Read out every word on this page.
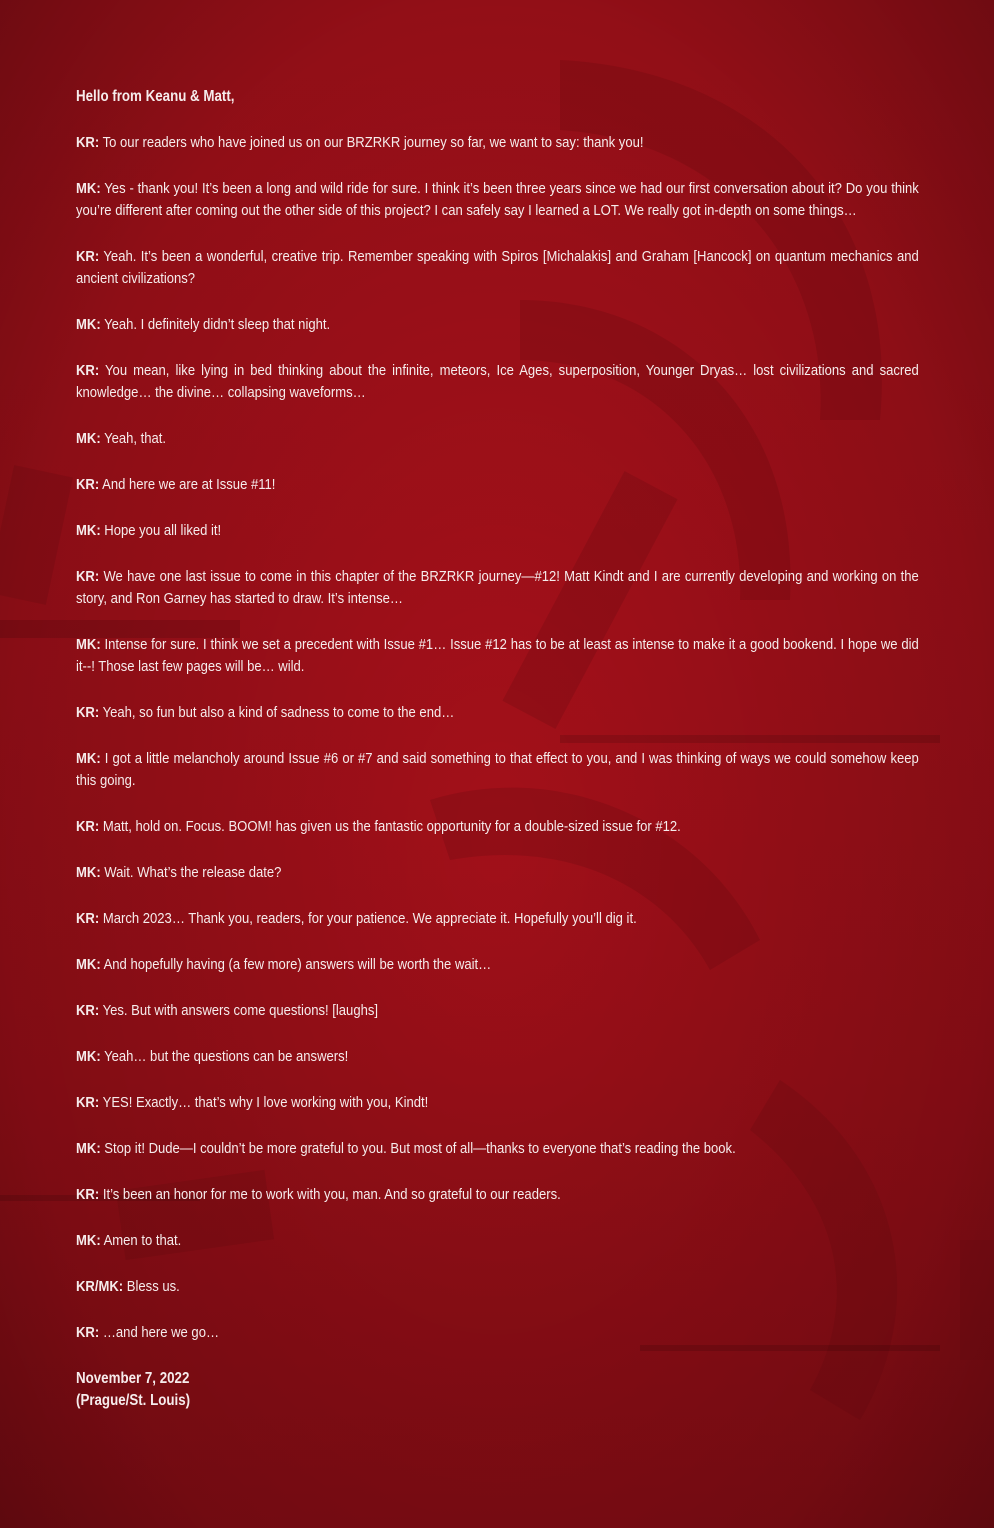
Hello from Keanu & Matt,
KR: To our readers who have joined us on our BRZRKR journey so far, we want to say: thank you!
MK: Yes - thank you! It’s been a long and wild ride for sure. I think it’s been three years since we had our first conversation about it? Do you think you’re different after coming out the other side of this project? I can safely say I learned a LOT. We really got in-depth on some things…
KR: Yeah. It’s been a wonderful, creative trip. Remember speaking with Spiros [Michalakis] and Graham [Hancock] on quantum mechanics and ancient civilizations?
MK: Yeah. I definitely didn’t sleep that night.
KR: You mean, like lying in bed thinking about the infinite, meteors, Ice Ages, superposition, Younger Dryas… lost civilizations and sacred knowledge… the divine… collapsing waveforms…
MK: Yeah, that.
KR: And here we are at Issue #11!
MK: Hope you all liked it!
KR: We have one last issue to come in this chapter of the BRZRKR journey—#12! Matt Kindt and I are currently developing and working on the story, and Ron Garney has started to draw. It’s intense…
MK: Intense for sure. I think we set a precedent with Issue #1… Issue #12 has to be at least as intense to make it a good bookend. I hope we did it--! Those last few pages will be… wild.
KR: Yeah, so fun but also a kind of sadness to come to the end…
MK: I got a little melancholy around Issue #6 or #7 and said something to that effect to you, and I was thinking of ways we could somehow keep this going.
KR: Matt, hold on. Focus. BOOM! has given us the fantastic opportunity for a double-sized issue for #12.
MK: Wait. What’s the release date?
KR: March 2023… Thank you, readers, for your patience. We appreciate it. Hopefully you’ll dig it.
MK: And hopefully having (a few more) answers will be worth the wait…
KR: Yes. But with answers come questions! [laughs]
MK: Yeah… but the questions can be answers!
KR: YES! Exactly… that’s why I love working with you, Kindt!
MK: Stop it! Dude—I couldn’t be more grateful to you. But most of all—thanks to everyone that’s reading the book.
KR: It’s been an honor for me to work with you, man. And so grateful to our readers.
MK: Amen to that.
KR/MK: Bless us.
KR: …and here we go…
November 7, 2022
(Prague/St. Louis)
